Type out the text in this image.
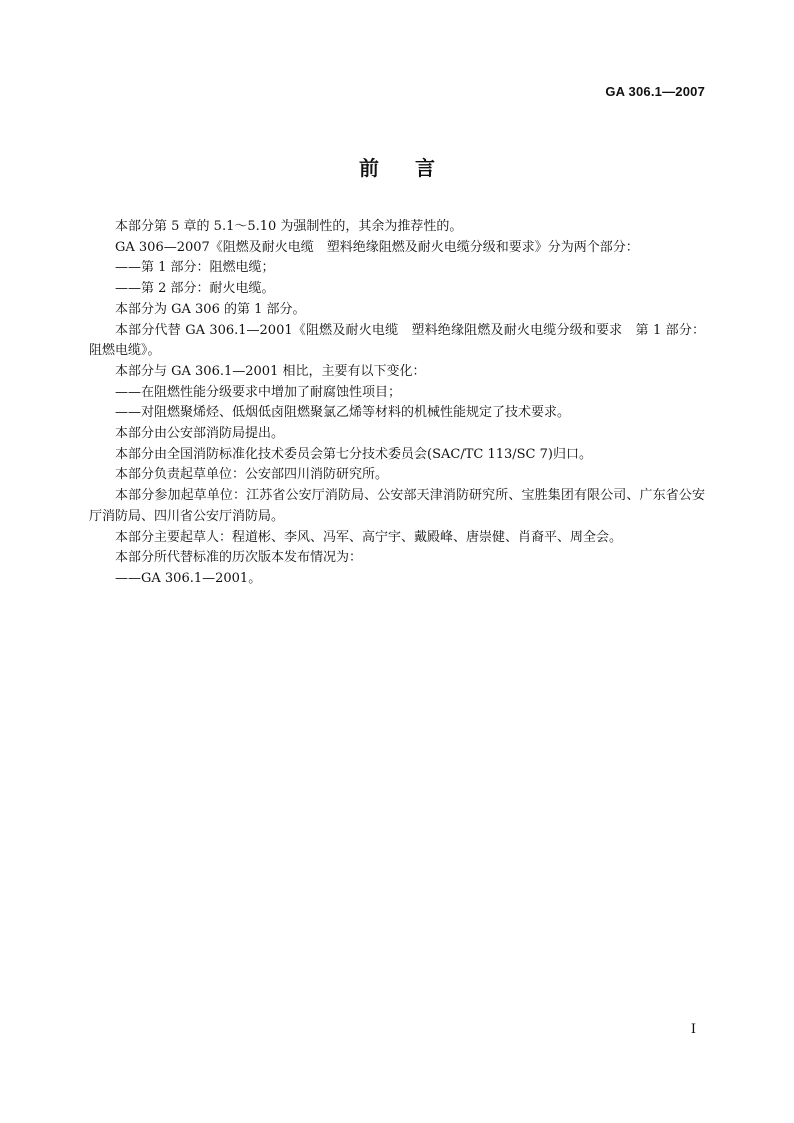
GA 306.1—2007
前言

本部分第 5 章的 5.1～5.10 为强制性的，其余为推荐性的。

GA 306—2007《阻燃及耐火电缆　塑料绝缘阻燃及耐火电缆分级和要求》分为两个部分：

——第 1 部分：阻燃电缆；

——第 2 部分：耐火电缆。

本部分为 GA 306 的第 1 部分。

本部分代替 GA 306.1—2001《阻燃及耐火电缆　塑料绝缘阻燃及耐火电缆分级和要求　第 1 部分：阻燃电缆》。

本部分与 GA 306.1—2001 相比，主要有以下变化：

——在阻燃性能分级要求中增加了耐腐蚀性项目；

——对阻燃聚烯烃、低烟低卤阻燃聚氯乙烯等材料的机械性能规定了技术要求。

本部分由公安部消防局提出。

本部分由全国消防标准化技术委员会第七分技术委员会(SAC/TC 113/SC 7)归口。

本部分负责起草单位：公安部四川消防研究所。

本部分参加起草单位：江苏省公安厅消防局、公安部天津消防研究所、宝胜集团有限公司、广东省公安厅消防局、四川省公安厅消防局。

本部分主要起草人：程道彬、李风、冯军、高宁宇、戴殿峰、唐崇健、肖裔平、周全会。

本部分所代替标准的历次版本发布情况为：

——GA 306.1—2001。

I
